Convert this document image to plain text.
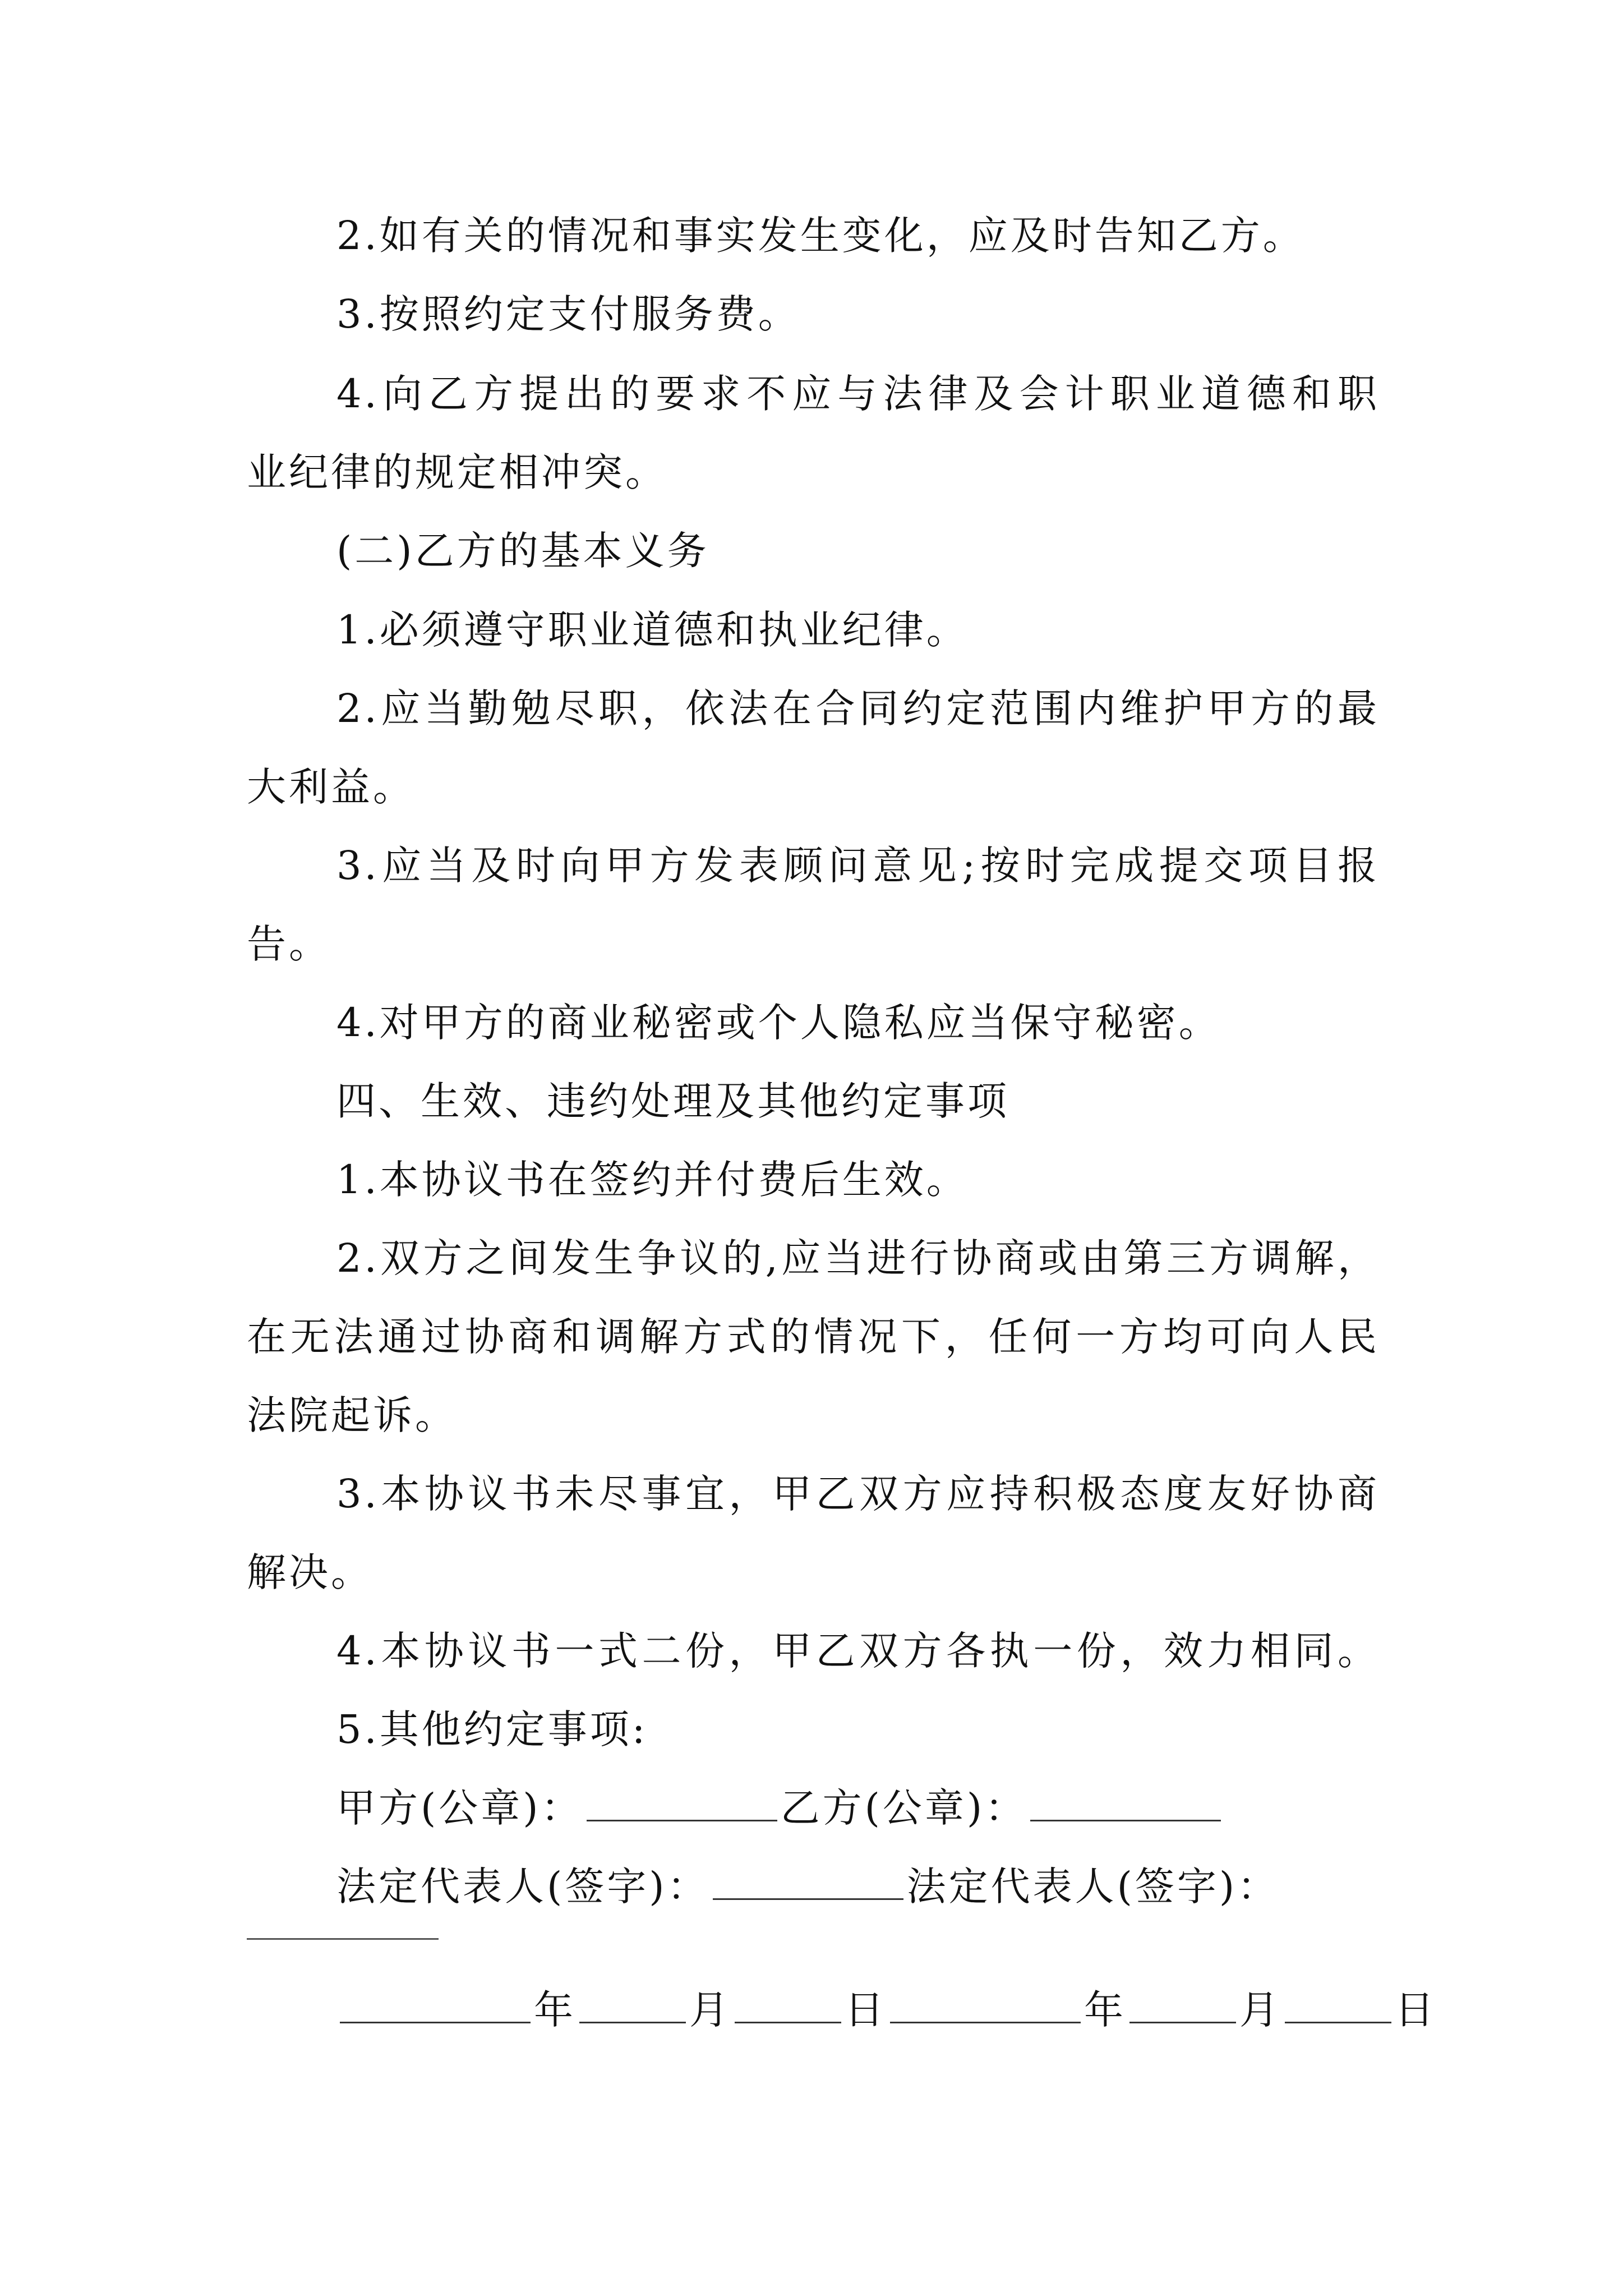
2.如有关的情况和事实发生变化，应及时告知乙方。
3.按照约定支付服务费。
4.向乙方提出的要求不应与法律及会计职业道德和职
业纪律的规定相冲突。
(二)乙方的基本义务
1.必须遵守职业道德和执业纪律。
2.应当勤勉尽职，依法在合同约定范围内维护甲方的最
大利益。
3.应当及时向甲方发表顾问意见;按时完成提交项目报
告。
4.对甲方的商业秘密或个人隐私应当保守秘密。
四、生效、违约处理及其他约定事项
1.本协议书在签约并付费后生效。
2.双方之间发生争议的,应当进行协商或由第三方调解，
在无法通过协商和调解方式的情况下，任何一方均可向人民
法院起诉。
3.本协议书未尽事宜，甲乙双方应持积极态度友好协商
解决。
4.本协议书一式二份，甲乙双方各执一份，效力相同。
5.其他约定事项:
甲方(公章)：	乙方(公章)：
法定代表人(签字)：	法定代表人(签字)：
年	月	日	年	月	日
